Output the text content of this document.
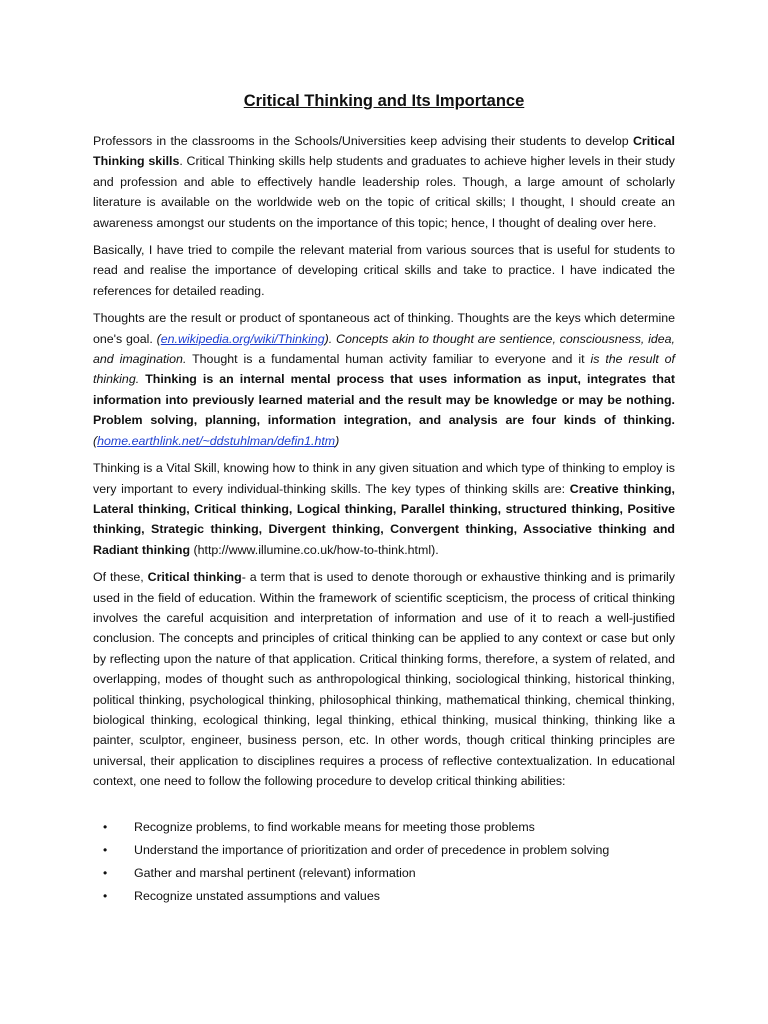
Critical Thinking and Its Importance

Professors in the classrooms in the Schools/Universities keep advising their students to develop Critical Thinking skills. Critical Thinking skills help students and graduates to achieve higher levels in their study and profession and able to effectively handle leadership roles. Though, a large amount of scholarly literature is available on the worldwide web on the topic of critical skills; I thought, I should create an awareness amongst our students on the importance of this topic; hence, I thought of dealing over here.

Basically, I have tried to compile the relevant material from various sources that is useful for students to read and realise the importance of developing critical skills and take to practice. I have indicated the references for detailed reading.

Thoughts are the result or product of spontaneous act of thinking. Thoughts are the keys which determine one's goal. (en.wikipedia.org/wiki/Thinking). Concepts akin to thought are sentience, consciousness, idea, and imagination. Thought is a fundamental human activity familiar to everyone and it is the result of thinking. Thinking is an internal mental process that uses information as input, integrates that information into previously learned material and the result may be knowledge or may be nothing. Problem solving, planning, information integration, and analysis are four kinds of thinking. (home.earthlink.net/~ddstuhlman/defin1.htm)

Thinking is a Vital Skill, knowing how to think in any given situation and which type of thinking to employ is very important to every individual-thinking skills. The key types of thinking skills are: Creative thinking, Lateral thinking, Critical thinking, Logical thinking, Parallel thinking, structured thinking, Positive thinking, Strategic thinking, Divergent thinking, Convergent thinking, Associative thinking and Radiant thinking (http://www.illumine.co.uk/how-to-think.html).

Of these, Critical thinking- a term that is used to denote thorough or exhaustive thinking and is primarily used in the field of education. Within the framework of scientific scepticism, the process of critical thinking involves the careful acquisition and interpretation of information and use of it to reach a well-justified conclusion. The concepts and principles of critical thinking can be applied to any context or case but only by reflecting upon the nature of that application. Critical thinking forms, therefore, a system of related, and overlapping, modes of thought such as anthropological thinking, sociological thinking, historical thinking, political thinking, psychological thinking, philosophical thinking, mathematical thinking, chemical thinking, biological thinking, ecological thinking, legal thinking, ethical thinking, musical thinking, thinking like a painter, sculptor, engineer, business person, etc. In other words, though critical thinking principles are universal, their application to disciplines requires a process of reflective contextualization. In educational context, one need to follow the following procedure to develop critical thinking abilities:

• Recognize problems, to find workable means for meeting those problems
• Understand the importance of prioritization and order of precedence in problem solving
• Gather and marshal pertinent (relevant) information
• Recognize unstated assumptions and values
